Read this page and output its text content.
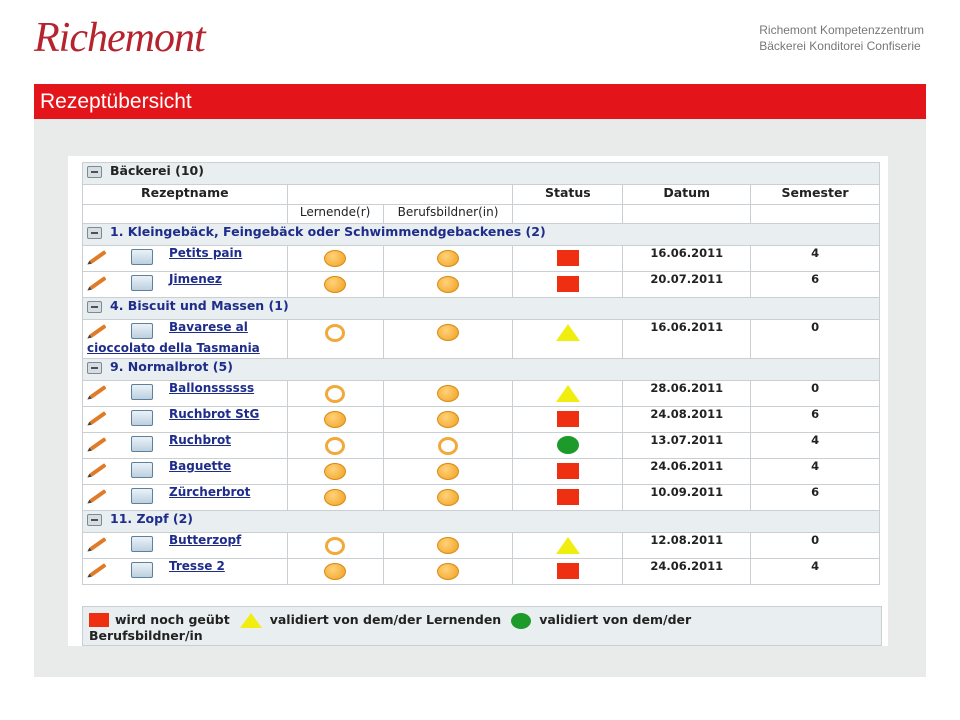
Richemont	Richemont Kompetenzzentrum
Bäckerei Konditorei Confiserie
Rezeptübersicht
Bäckerei (10)					
Rezeptname			Status	Datum	Semester
	Lernende(r)	Berufsbildner(in)			
1. Kleingebäck, Feingebäck oder Schwimmendgebackenes (2)					

Petits pain				16.06.2011	4

Jimenez				20.07.2011	6
4. Biscuit und Massen (1)					

Bavarese al
cioccolato della Tasmania				16.06.2011	0
9. Normalbrot (5)					

Ballonssssss				28.06.2011	0

Ruchbrot StG				24.08.2011	6

Ruchbrot				13.07.2011	4

Baguette				24.06.2011	4

Zürcherbrot				10.09.2011	6
11. Zopf (2)					

Butterzopf				12.08.2011	0

Tresse 2				24.06.2011	4
wird noch geübt	validiert von dem/der Lernenden	validiert von dem/der
Berufsbildner/in
